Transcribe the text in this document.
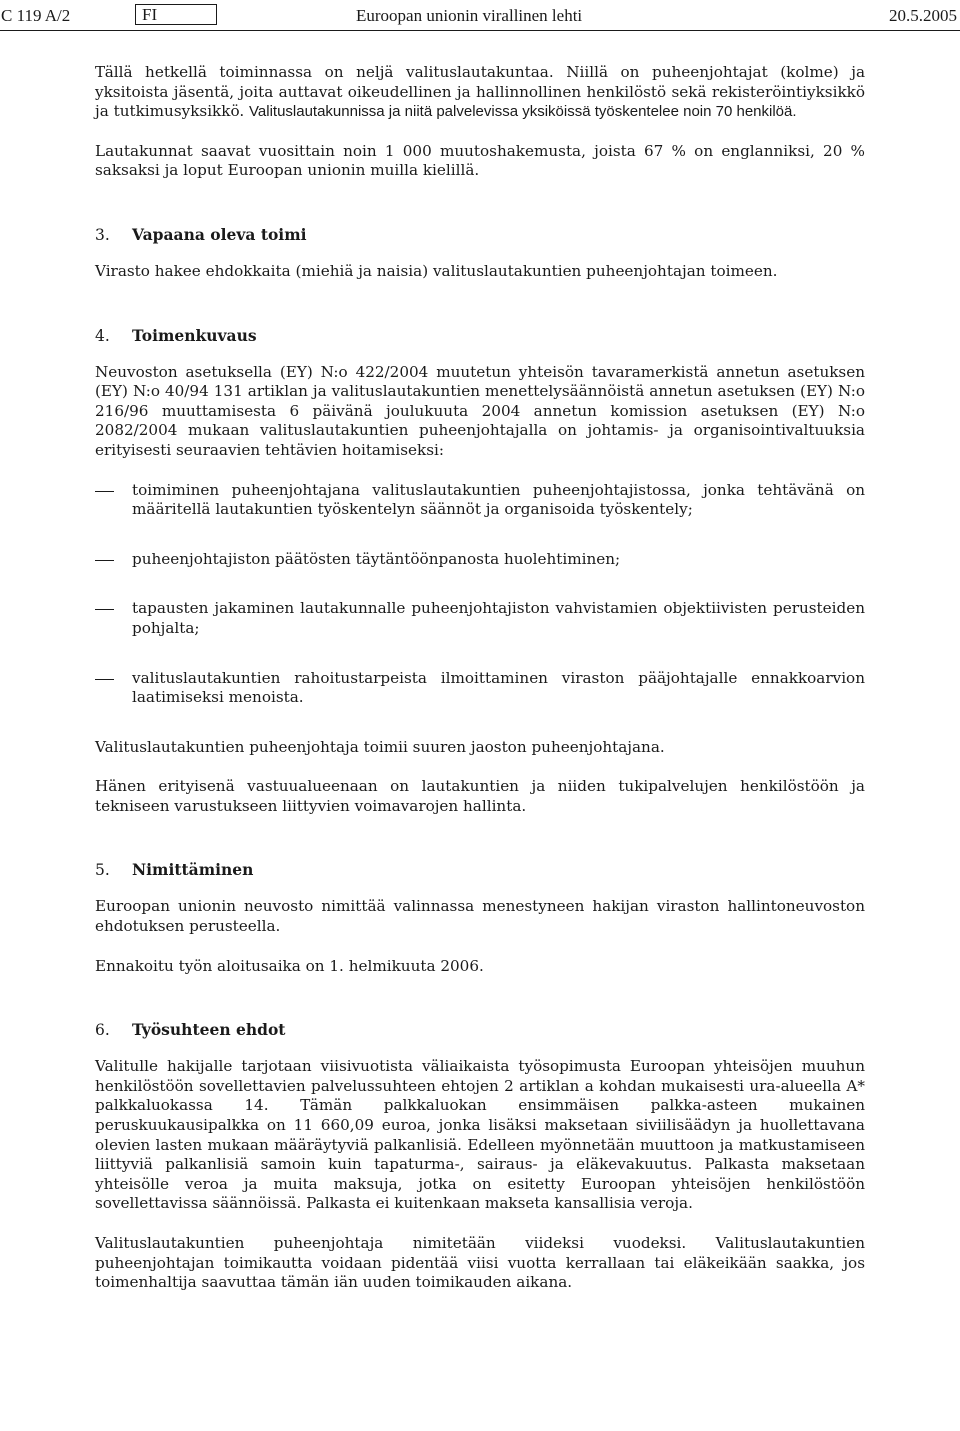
C 119 A/2	FI	Euroopan unionin virallinen lehti	20.5.2005

Tällä hetkellä toiminnassa on neljä valituslautakuntaa. Niillä on puheenjohtajat (kolme) ja yksitoista jäsentä, joita auttavat oikeudellinen ja hallinnollinen henkilöstö sekä rekisteröintiyksikkö ja tutkimusyksikkö. Valituslautakunnissa ja niitä palvelevissa yksiköissä työskentelee noin 70 henkilöä.

Lautakunnat saavat vuosittain noin 1 000 muutoshakemusta, joista 67 % on englanniksi, 20 % saksaksi ja loput Euroopan unionin muilla kielillä.

3.	Vapaana oleva toimi

Virasto hakee ehdokkaita (miehiä ja naisia) valituslautakuntien puheenjohtajan toimeen.

4.	Toimenkuvaus

Neuvoston asetuksella (EY) N:o 422/2004 muutetun yhteisön tavaramerkistä annetun asetuksen (EY) N:o 40/94 131 artiklan ja valituslautakuntien menettelysäännöistä annetun asetuksen (EY) N:o 216/96 muuttamisesta 6 päivänä joulukuuta 2004 annetun komission asetuksen (EY) N:o 2082/2004 mukaan valituslautakuntien puheenjohtajalla on johtamis- ja organisointivaltuuksia erityisesti seuraavien tehtävien hoitamiseksi:

toimiminen puheenjohtajana valituslautakuntien puheenjohtajistossa, jonka tehtävänä on määritellä lautakuntien työskentelyn säännöt ja organisoida työskentely;
puheenjohtajiston päätösten täytäntöönpanosta huolehtiminen;
tapausten jakaminen lautakunnalle puheenjohtajiston vahvistamien objektiivisten perusteiden pohjalta;
valituslautakuntien rahoitustarpeista ilmoittaminen viraston pääjohtajalle ennakkoarvion laatimiseksi menoista.

Valituslautakuntien puheenjohtaja toimii suuren jaoston puheenjohtajana.

Hänen erityisenä vastuualueenaan on lautakuntien ja niiden tukipalvelujen henkilöstöön ja tekniseen varustukseen liittyvien voimavarojen hallinta.

5.	Nimittäminen

Euroopan unionin neuvosto nimittää valinnassa menestyneen hakijan viraston hallintoneuvoston ehdotuksen perusteella.

Ennakoitu työn aloitusaika on 1. helmikuuta 2006.

6.	Työsuhteen ehdot

Valitulle hakijalle tarjotaan viisivuotista väliaikaista työsopimusta Euroopan yhteisöjen muuhun henkilöstöön sovellettavien palvelussuhteen ehtojen 2 artiklan a kohdan mukaisesti ura-alueella A* palkkaluokassa 14. Tämän palkkaluokan ensimmäisen palkka-asteen mukainen peruskuukausipalkka on 11 660,09 euroa, jonka lisäksi maksetaan siviilisäädyn ja huollettavana olevien lasten mukaan määräytyviä palkanlisiä. Edelleen myönnetään muuttoon ja matkustamiseen liittyviä palkanlisiä samoin kuin tapaturma-, sairaus- ja eläkevakuutus. Palkasta maksetaan yhteisölle veroa ja muita maksuja, jotka on esitetty Euroopan yhteisöjen henkilöstöön sovellettavissa säännöissä. Palkasta ei kuitenkaan makseta kansallisia veroja.

Valituslautakuntien puheenjohtaja nimitetään viideksi vuodeksi. Valituslautakuntien puheenjohtajan toimikautta voidaan pidentää viisi vuotta kerrallaan tai eläkeikään saakka, jos toimenhaltija saavuttaa tämän iän uuden toimikauden aikana.
